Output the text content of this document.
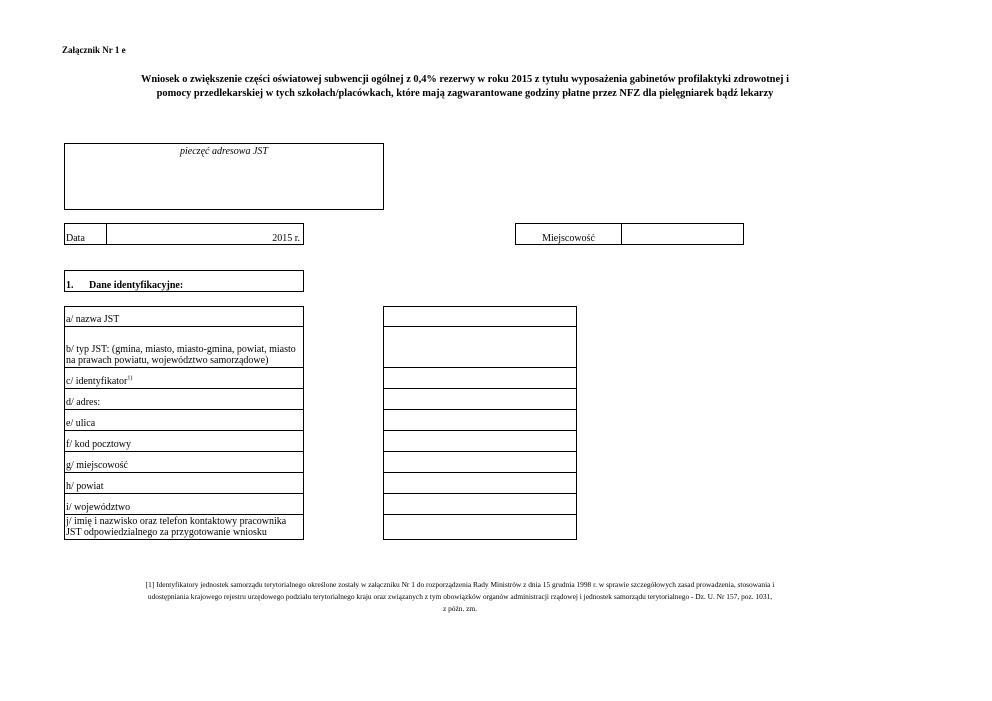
Załącznik Nr 1 e
Wniosek o zwiększenie części oświatowej subwencji ogólnej z 0,4% rezerwy w roku 2015 z tytułu wyposażenia gabinetów profilaktyki zdrowotnej i
pomocy przedlekarskiej w tych szkołach/placówkach, które mają zagwarantowane godziny płatne przez NFZ dla pielęgniarek bądź lekarzy
pieczęć adresowa JST
Data	2015 r.	Miejscowość
1. Dane identyfikacyjne:
a/ nazwa JST
b/ typ JST: (gmina, miasto, miasto-gmina, powiat, miasto na prawach powiatu, województwo samorządowe)
c/ identyfikator$^{1)}$
d/ adres:
e/ ulica
f/ kod pocztowy
g/ miejscowość
h/ powiat
i/ województwo
j/ imię i nazwisko oraz telefon kontaktowy pracownika JST odpowiedzialnego za przygotowanie wniosku
[1] Identyfikatory jednostek samorządu terytorialnego określone zostały w załączniku Nr 1 do rozporządzenia Rady Ministrów z dnia 15 grudnia 1998 r. w sprawie szczegółowych zasad prowadzenia, stosowania i
udostępniania krajowego rejestru urzędowego podziału terytorialnego kraju oraz związanych z tym obowiązków organów administracji rządowej i jednostek samorządu terytorialnego - Dz. U. Nr 157, poz. 1031,
z późn. zm.
